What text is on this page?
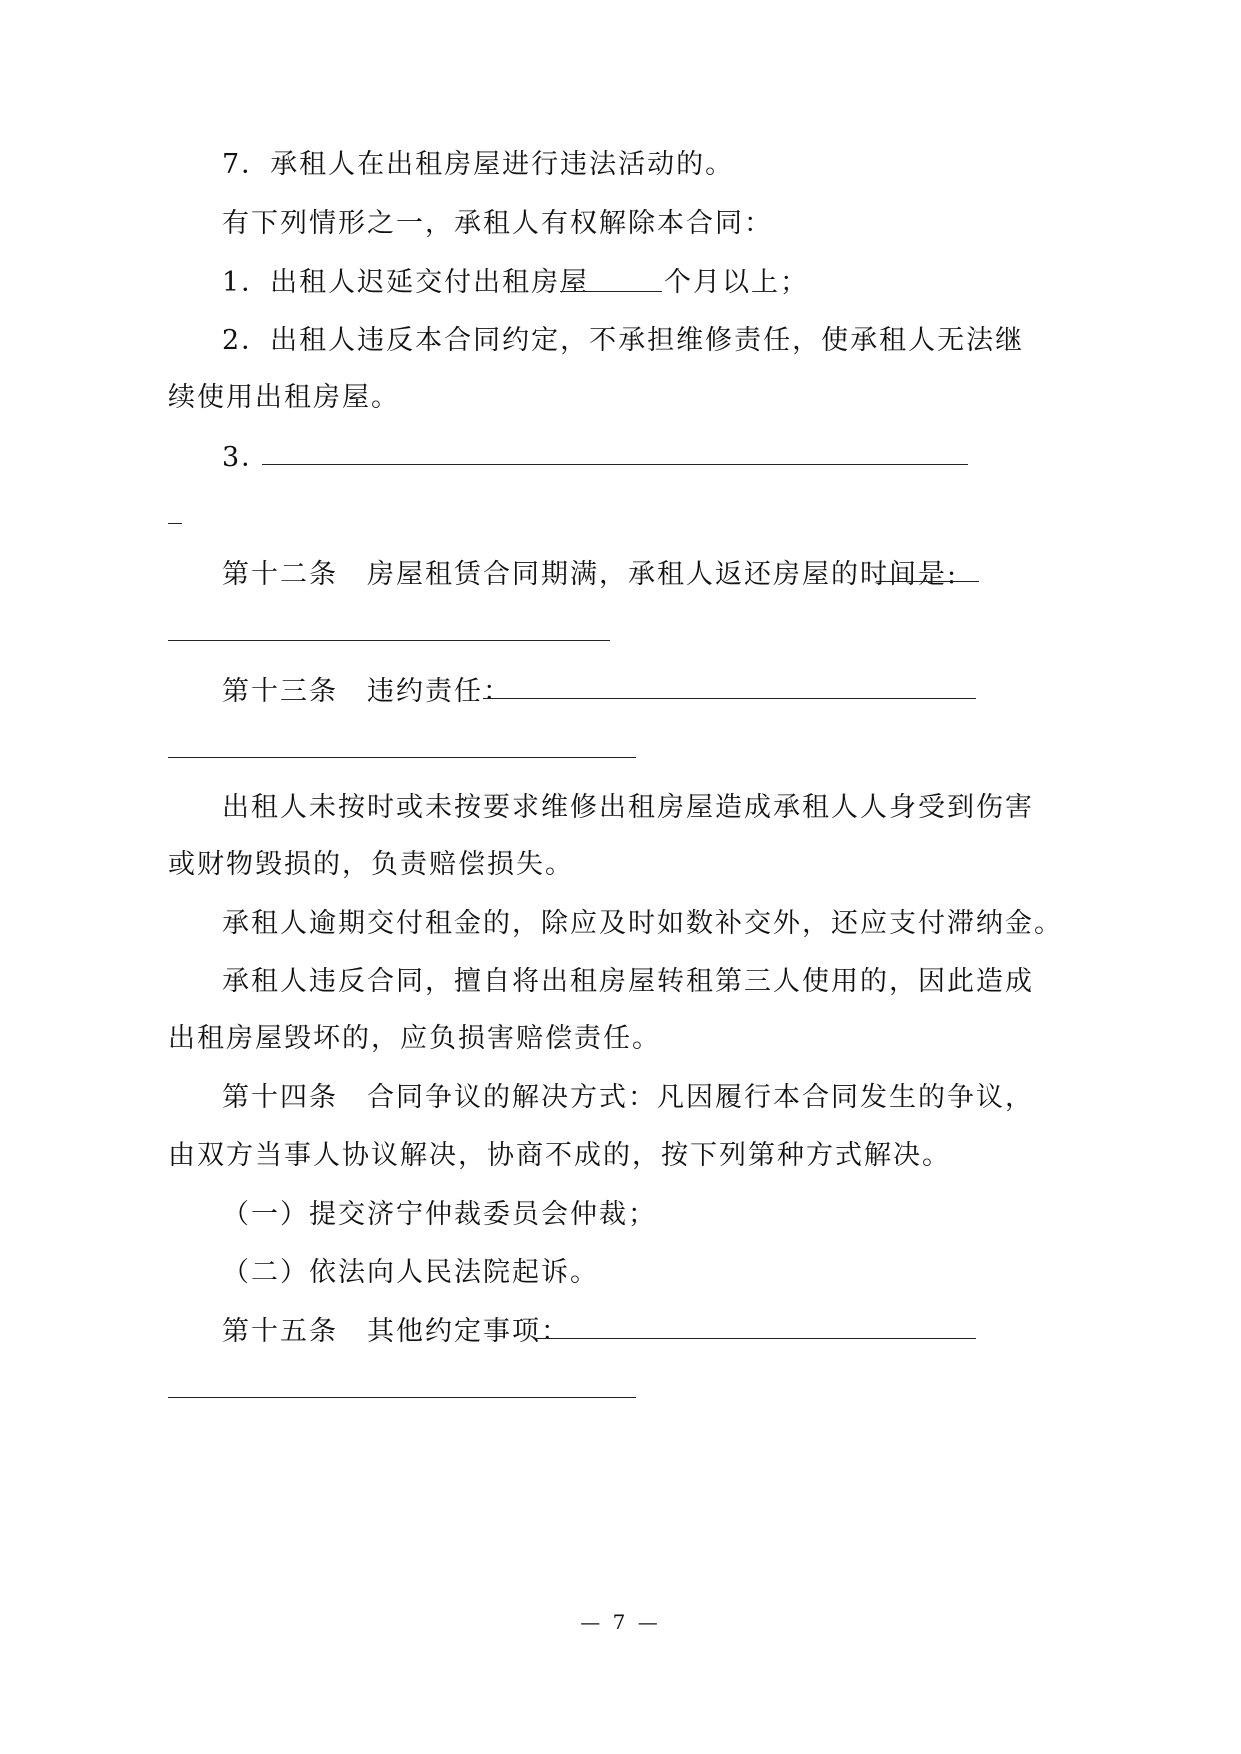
7．承租人在出租房屋进行违法活动的。
有下列情形之一，承租人有权解除本合同：
1．出租人迟延交付出租房屋	个月以上；
2．出租人违反本合同约定，不承担维修责任，使承租人无法继
续使用出租房屋。
3．
第十二条　房屋租赁合同期满，承租人返还房屋的时间是:
第十三条　违约责任：
出租人未按时或未按要求维修出租房屋造成承租人人身受到伤害
或财物毁损的，负责赔偿损失。
承租人逾期交付租金的，除应及时如数补交外，还应支付滞纳金。
承租人违反合同，擅自将出租房屋转租第三人使用的，因此造成
出租房屋毁坏的，应负损害赔偿责任。
第十四条　合同争议的解决方式：凡因履行本合同发生的争议，
由双方当事人协议解决，协商不成的，按下列第种方式解决。
（一）提交济宁仲裁委员会仲裁；
（二）依法向人民法院起诉。
第十五条　其他约定事项：
— 7 —
